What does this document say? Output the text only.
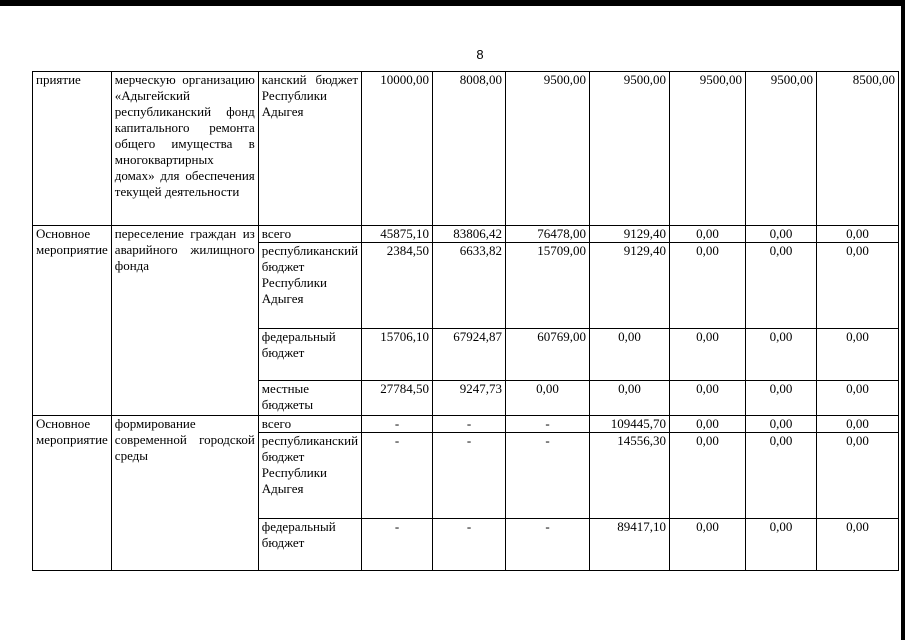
8
приятие	мерческую организацию «Адыгейский республиканский фонд капитального ремонта общего имущества в многоквартирных домах» для обеспечения текущей деятельности	канский бюджет Республики Адыгея	10000,00	8008,00	9500,00	9500,00	9500,00	9500,00	8500,00
Основное мероприятие	переселение граждан из аварийного жилищного фонда	всего	45875,10	83806,42	76478,00	9129,40	0,00	0,00	0,00
		республиканский бюджет Республики Адыгея	2384,50	6633,82	15709,00	9129,40	0,00	0,00	0,00
		федеральный бюджет	15706,10	67924,87	60769,00	0,00	0,00	0,00	0,00
		местные бюджеты	27784,50	9247,73	0,00	0,00	0,00	0,00	0,00
Основное мероприятие	формирование современной городской среды	всего	-	-	-	109445,70	0,00	0,00	0,00
		республиканский бюджет Республики Адыгея	-	-	-	14556,30	0,00	0,00	0,00
		федеральный бюджет	-	-	-	89417,10	0,00	0,00	0,00
